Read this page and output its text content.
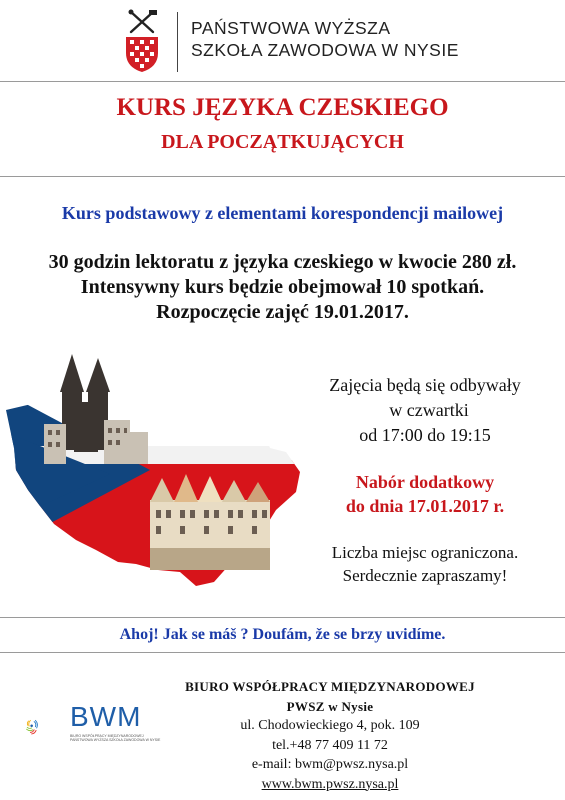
PAŃSTWOWA WYŻSZA
SZKOŁA ZAWODOWA W NYSIE
KURS JĘZYKA CZESKIEGO
DLA POCZĄTKUJĄCYCH
Kurs podstawowy z elementami korespondencji mailowej
30 godzin lektoratu z języka czeskiego w kwocie 280 zł.
Intensywny kurs będzie obejmował 10 spotkań.
Rozpoczęcie zajęć 19.01.2017.
Zajęcia będą się odbywały
w czwartki
od 17:00 do 19:15
Nabór dodatkowy
do dnia 17.01.2017 r.
Liczba miejsc ograniczona.
Serdecznie zapraszamy!
Ahoj! Jak se máš ? Doufám, že se brzy uvidíme.
BWM
BIURO WSPÓŁPRACY MIĘDZYNARODOWEJ PAŃSTWOWA WYŻSZA SZKOŁA ZAWODOWA W NYSIE
BIURO WSPÓŁPRACY MIĘDZYNARODOWEJ
PWSZ w Nysie
ul. Chodowieckiego 4, pok. 109
tel.+48 77 409 11 72
e-mail: bwm@pwsz.nysa.pl
www.bwm.pwsz.nysa.pl
